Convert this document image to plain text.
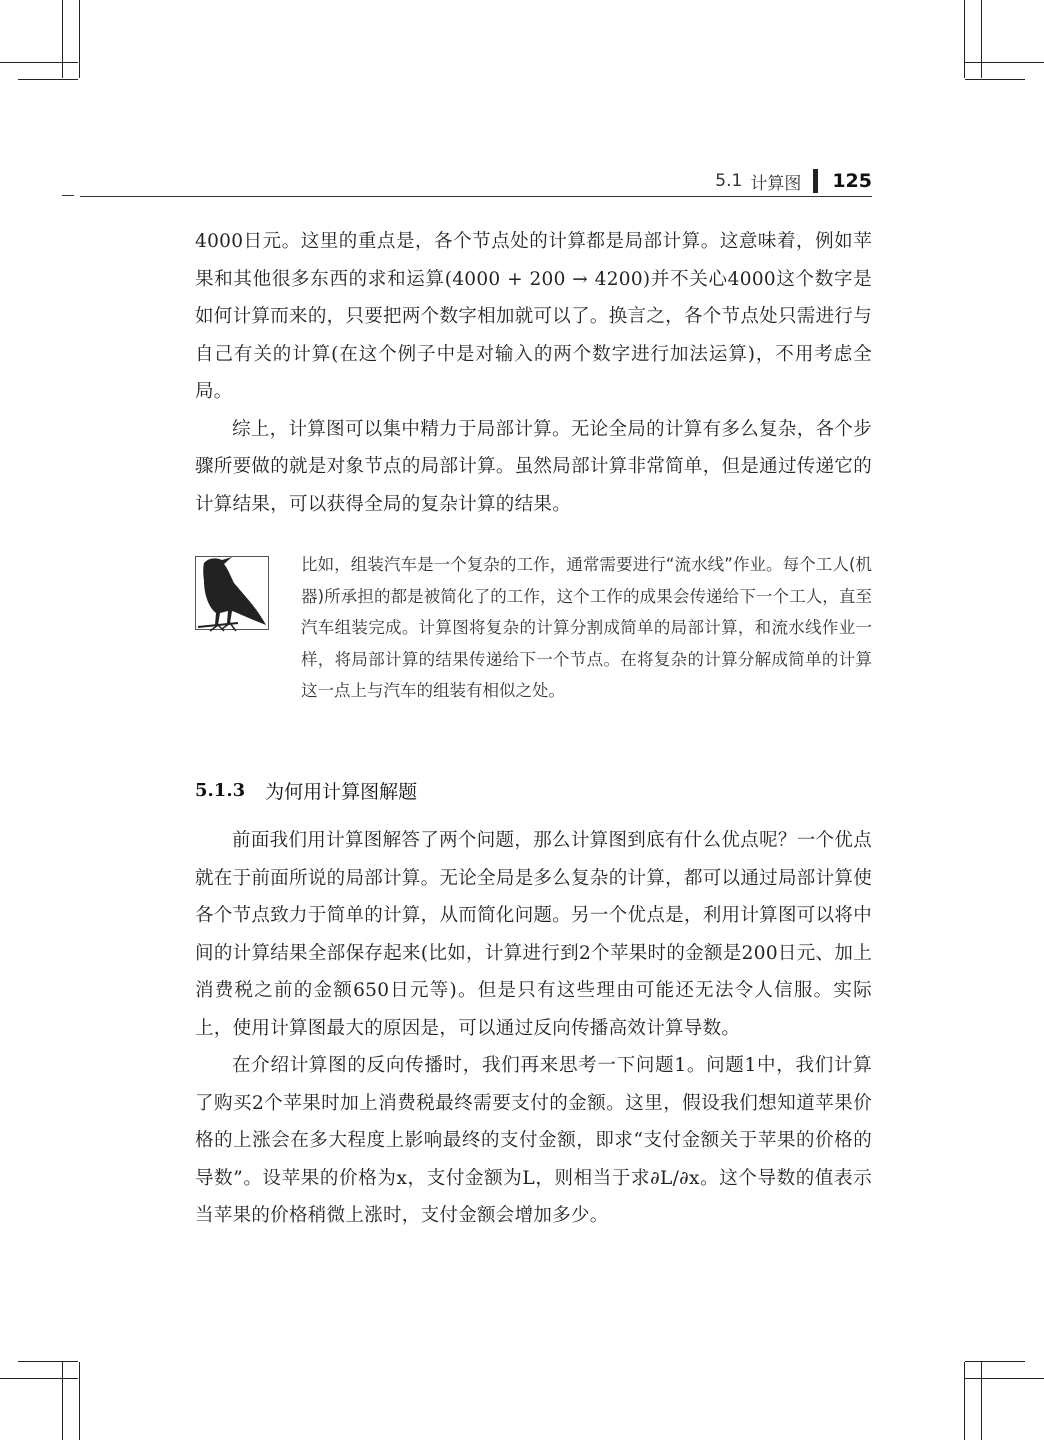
5.1 计算图 125

4000日元。这里的重点是，各个节点处的计算都是局部计算。这意味着，例如苹果和其他很多东西的求和运算(4000 + 200 → 4200)并不关心4000这个数字是如何计算而来的，只要把两个数字相加就可以了。换言之，各个节点处只需进行与自己有关的计算(在这个例子中是对输入的两个数字进行加法运算)，不用考虑全局。

综上，计算图可以集中精力于局部计算。无论全局的计算有多么复杂，各个步骤所要做的就是对象节点的局部计算。虽然局部计算非常简单，但是通过传递它的计算结果，可以获得全局的复杂计算的结果。

比如，组装汽车是一个复杂的工作，通常需要进行“流水线”作业。每个工人(机器)所承担的都是被简化了的工作，这个工作的成果会传递给下一个工人，直至汽车组装完成。计算图将复杂的计算分割成简单的局部计算，和流水线作业一样，将局部计算的结果传递给下一个节点。在将复杂的计算分解成简单的计算这一点上与汽车的组装有相似之处。
5.1.3 为何用计算图解题

前面我们用计算图解答了两个问题，那么计算图到底有什么优点呢？一个优点就在于前面所说的局部计算。无论全局是多么复杂的计算，都可以通过局部计算使各个节点致力于简单的计算，从而简化问题。另一个优点是，利用计算图可以将中间的计算结果全部保存起来(比如，计算进行到2个苹果时的金额是200日元、加上消费税之前的金额650日元等)。但是只有这些理由可能还无法令人信服。实际上，使用计算图最大的原因是，可以通过反向传播高效计算导数。

在介绍计算图的反向传播时，我们再来思考一下问题1。问题1中，我们计算了购买2个苹果时加上消费税最终需要支付的金额。这里，假设我们想知道苹果价格的上涨会在多大程度上影响最终的支付金额，即求“支付金额关于苹果的价格的导数”。设苹果的价格为x，支付金额为L，则相当于求∂L/∂x。这个导数的值表示当苹果的价格稍微上涨时，支付金额会增加多少。
